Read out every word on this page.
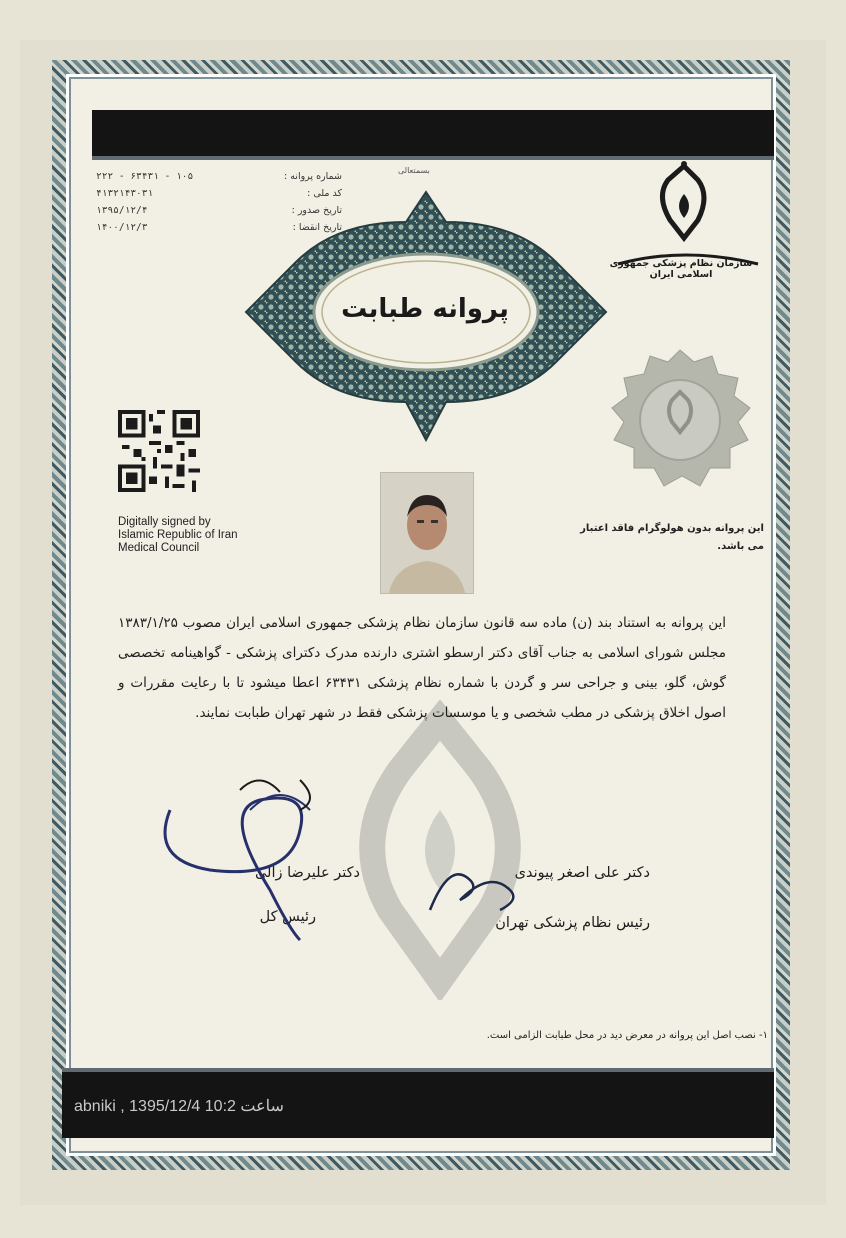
بسمتعالی
شماره پروانه :
کد ملی :
تاریخ صدور :
تاریخ انقضا :
۲۲۲ - ۶۳۴۳۱ - ۱۰۵
۴۱۳۲۱۴۳۰۳۱
۱۳۹۵/۱۲/۴
۱۴۰۰/۱۲/۳
پروانه طبابت
سازمان نظام پزشکی جمهوری اسلامی ایران
این پروانه بدون هولوگرام فاقد اعتبار می باشد.
Digitally signed by
Islamic Republic of Iran
Medical Council
این پروانه به استناد بند (ن) ماده سه قانون سازمان نظام پزشکی جمهوری اسلامی ایران مصوب ۱۳۸۳/۱/۲۵ مجلس شورای اسلامی به جناب آقای دکتر ارسطو اشتری دارنده مدرک دکترای پزشکی - گواهینامه تخصصی گوش، گلو، بینی و جراحی سر و گردن با شماره نظام پزشکی ۶۳۴۳۱ اعطا میشود تا با رعایت مقررات و اصول اخلاق پزشکی در مطب شخصی و یا موسسات پزشکی فقط در شهر تهران طبابت نمایند.
دکتر علی اصغر پیوندی
رئیس نظام پزشکی تهران
دکتر علیرضا زالی
رئیس کل
۱- نصب اصل این پروانه در معرض دید در محل طبابت الزامی است.
abniki , 1395/12/4 10:2 ساعت
